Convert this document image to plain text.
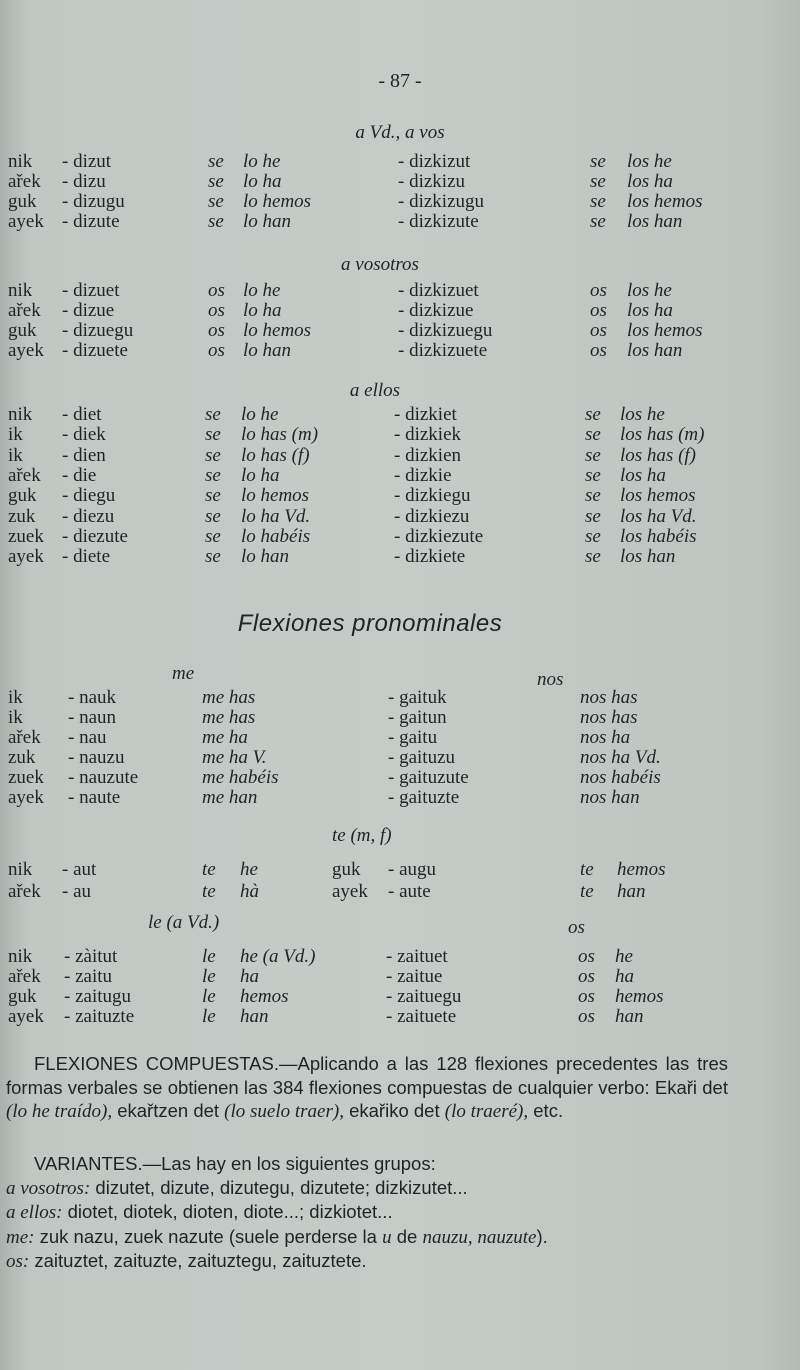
- 87 -
a Vd., a vos
nik - dizut	se lo he	- dizkizut	se los he
ařek - dizu	se lo ha	- dizkizu	se los ha
guk - dizugu	se lo hemos	- dizkizugu	se los hemos
ayek - dizute	se lo han	- dizkizute	se los han
a vosotros
nik - dizuet	os lo he	- dizkizuet	os los he
ařek - dizue	os lo ha	- dizkizue	os los ha
guk - dizuegu	os lo hemos	- dizkizuegu	os los hemos
ayek - dizuete	os lo han	- dizkizuete	os los han
a ellos
nik - diet	se lo he	- dizkiet	se los he
ik - diek	se lo has (m)	- dizkiek	se los has (m)
ik - dien	se lo has (f)	- dizkien	se los has (f)
ařek - die	se lo ha	- dizkie	se los ha
guk - diegu	se lo hemos	- dizkiegu	se los hemos
zuk - diezu	se lo ha Vd.	- dizkiezu	se los ha Vd.
zuek - diezute	se lo habéis	- dizkiezute	se los habéis
ayek - diete	se lo han	- dizkiete	se los han
Flexiones pronominales
me	nos
ik - nauk	me has	- gaituk	nos has
ik - naun	me has	- gaitun	nos has
ařek - nau	me ha	- gaitu	nos ha
zuk - nauzu	me ha V.	- gaituzu	nos ha Vd.
zuek - nauzute	me habéis	- gaituzute	nos habéis
ayek - naute	me han	- gaituzte	nos han
te (m, f)
nik - aut	te he	guk - augu	te hemos
ařek - au	te hà	ayek - aute	te han
le (a Vd.)	os
nik - zàitut	le he (a Vd.)	- zaituet	os he
ařek - zaitu	le ha	- zaitue	os ha
guk - zaitugu	le hemos	- zaituegu	os hemos
ayek - zaituzte	le han	- zaituete	os han

FLEXIONES COMPUESTAS.—Aplicando a las 128 flexiones precedentes las tres formas verbales se obtienen las 384 flexiones compuestas de cualquier verbo: Ekaři det (lo he traído), ekařtzen det (lo suelo traer), ekařiko det (lo traeré), etc.

VARIANTES.—Las hay en los siguientes grupos:

a vosotros: dizutet, dizute, dizutegu, dizutete; dizkizutet...

a ellos: diotet, diotek, dioten, diote...; dizkiotet...

me: zuk nazu, zuek nazute (suele perderse la u de nauzu, nauzute).

os: zaituztet, zaituzte, zaituztegu, zaituztete.
